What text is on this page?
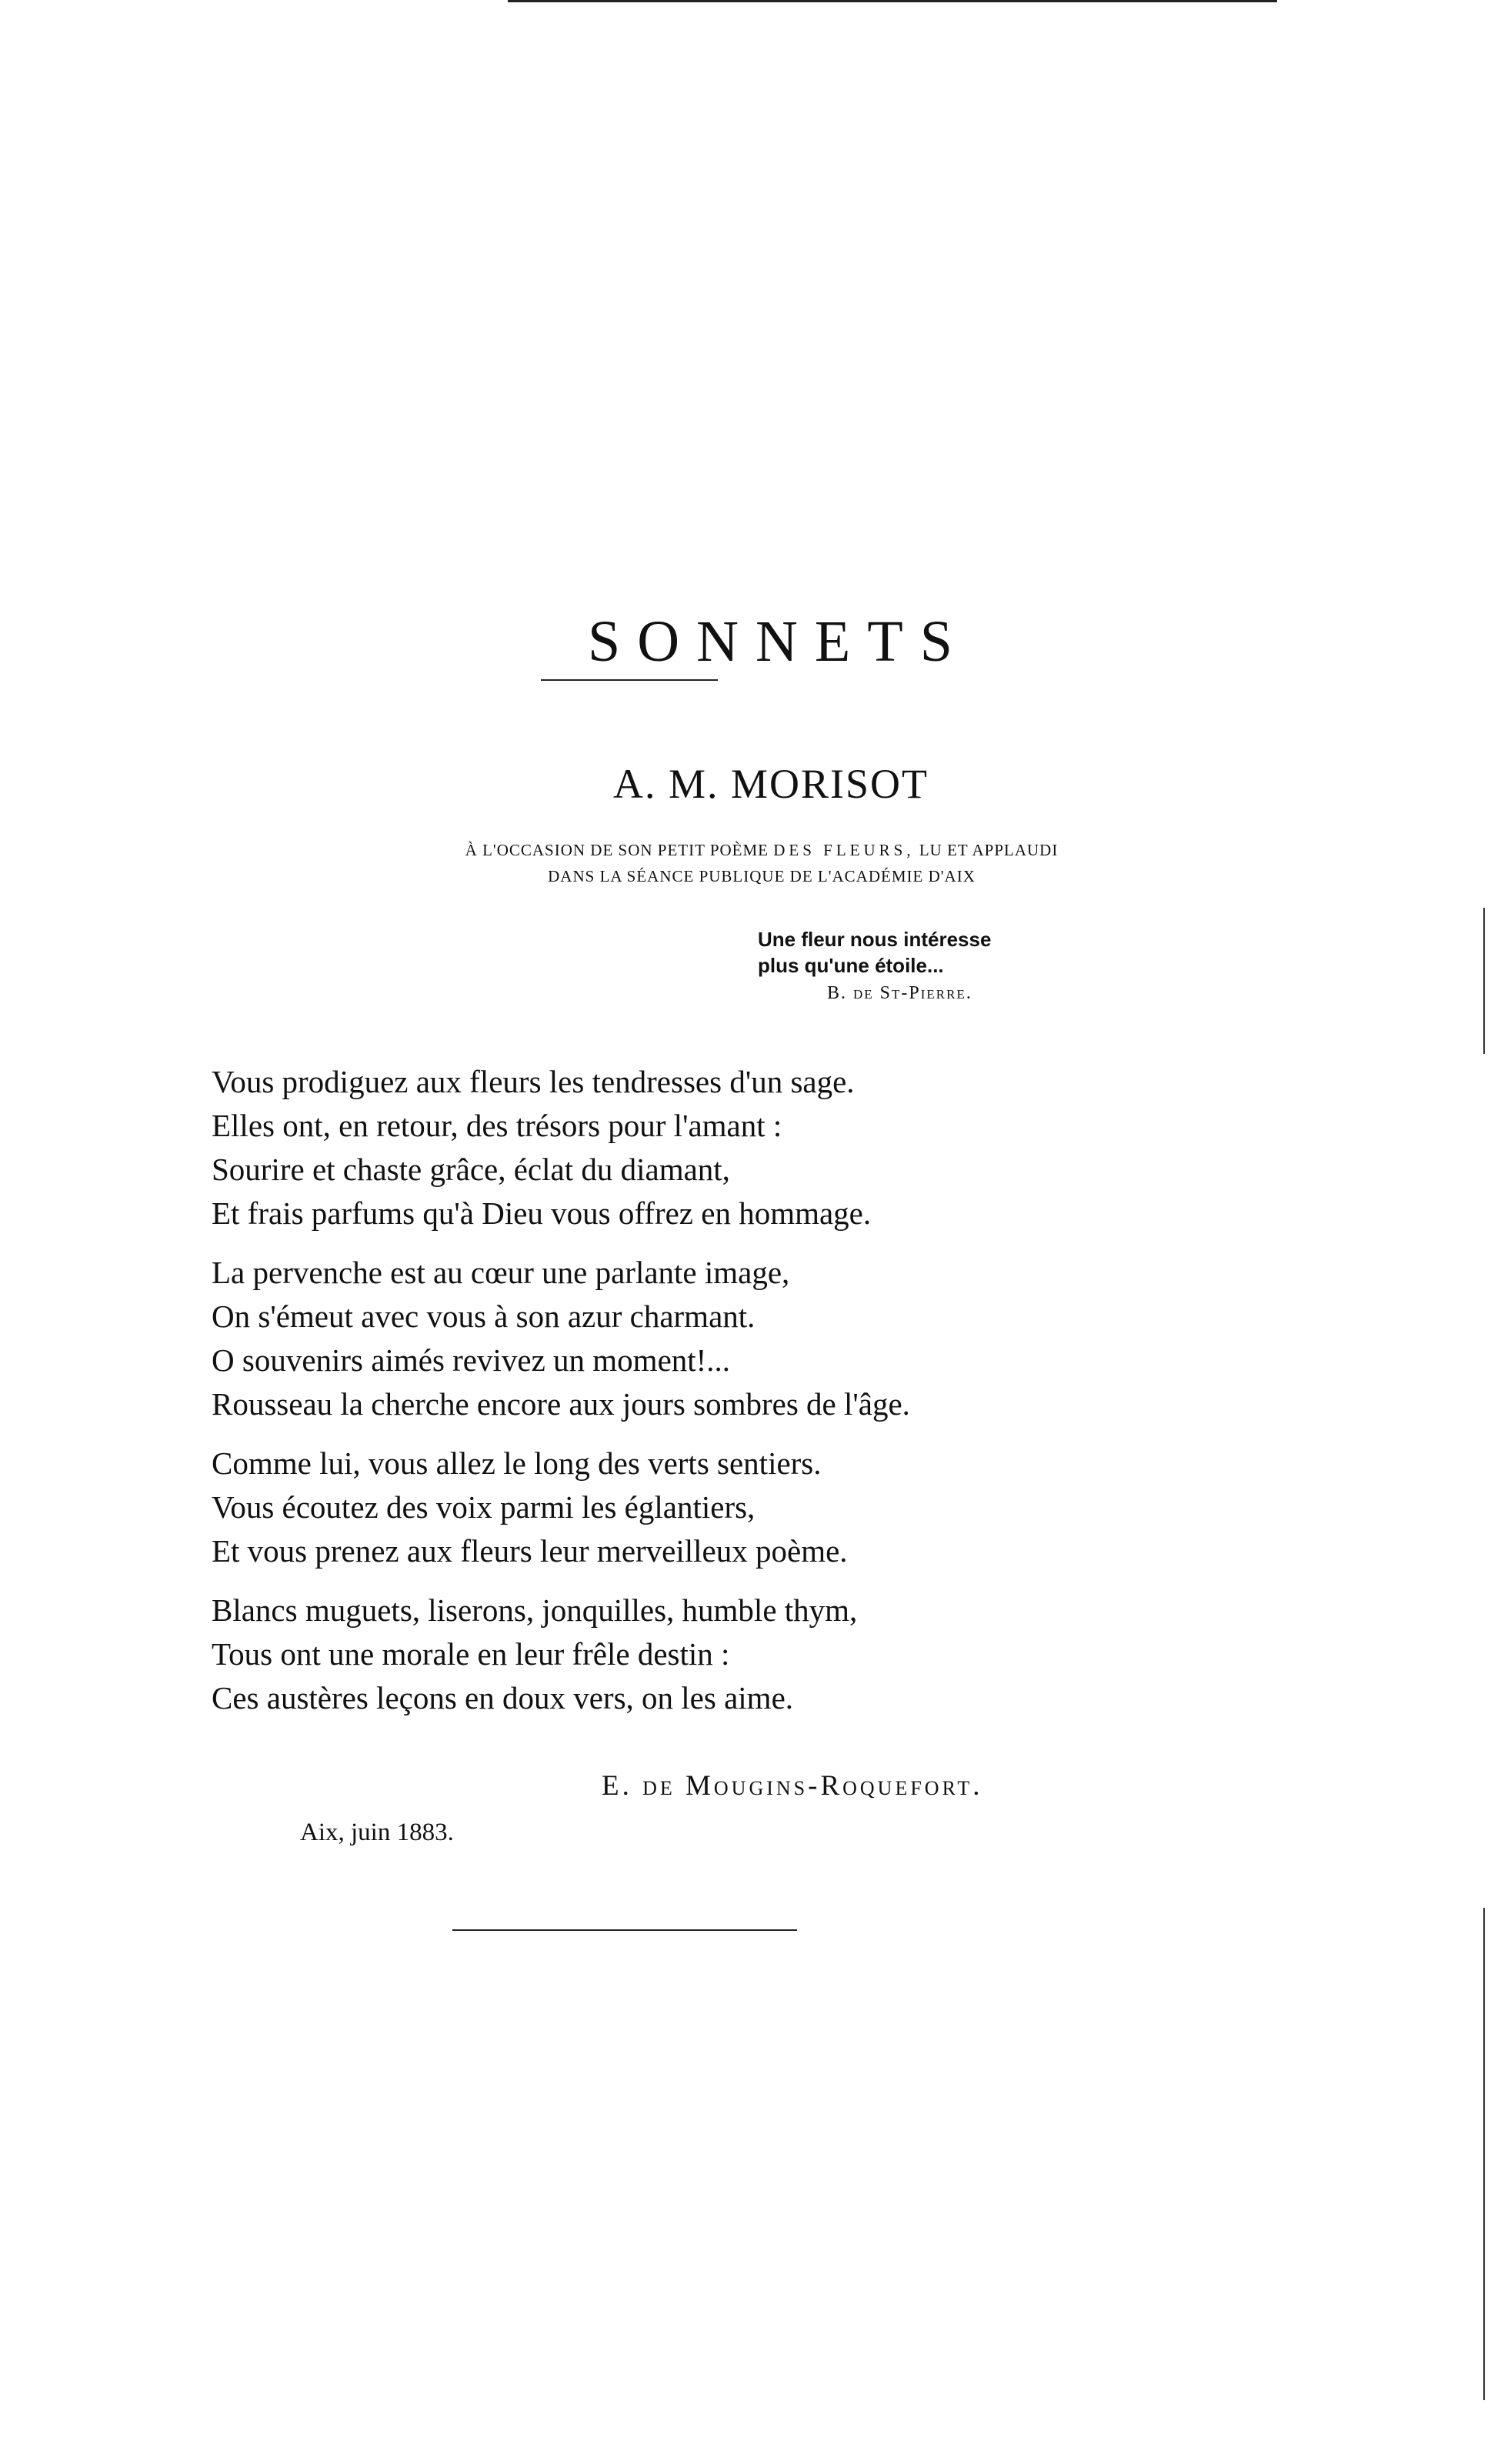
SONNETS
A. M. MORISOT
À L'OCCASION DE SON PETIT POÈME DES FLEURS, LU ET APPLAUDI
DANS LA SÉANCE PUBLIQUE DE L'ACADÉMIE D'AIX
Une fleur nous intéresse
plus qu'une étoile...
B. de St-Pierre.
Vous prodiguez aux fleurs les tendresses d'un sage.
Elles ont, en retour, des trésors pour l'amant :
Sourire et chaste grâce, éclat du diamant,
Et frais parfums qu'à Dieu vous offrez en hommage.
La pervenche est au cœur une parlante image,
On s'émeut avec vous à son azur charmant.
O souvenirs aimés revivez un moment!...
Rousseau la cherche encore aux jours sombres de l'âge.
Comme lui, vous allez le long des verts sentiers.
Vous écoutez des voix parmi les églantiers,
Et vous prenez aux fleurs leur merveilleux poème.
Blancs muguets, liserons, jonquilles, humble thym,
Tous ont une morale en leur frêle destin :
Ces austères leçons en doux vers, on les aime.
E. de Mougins-Roquefort.
Aix, juin 1883.
